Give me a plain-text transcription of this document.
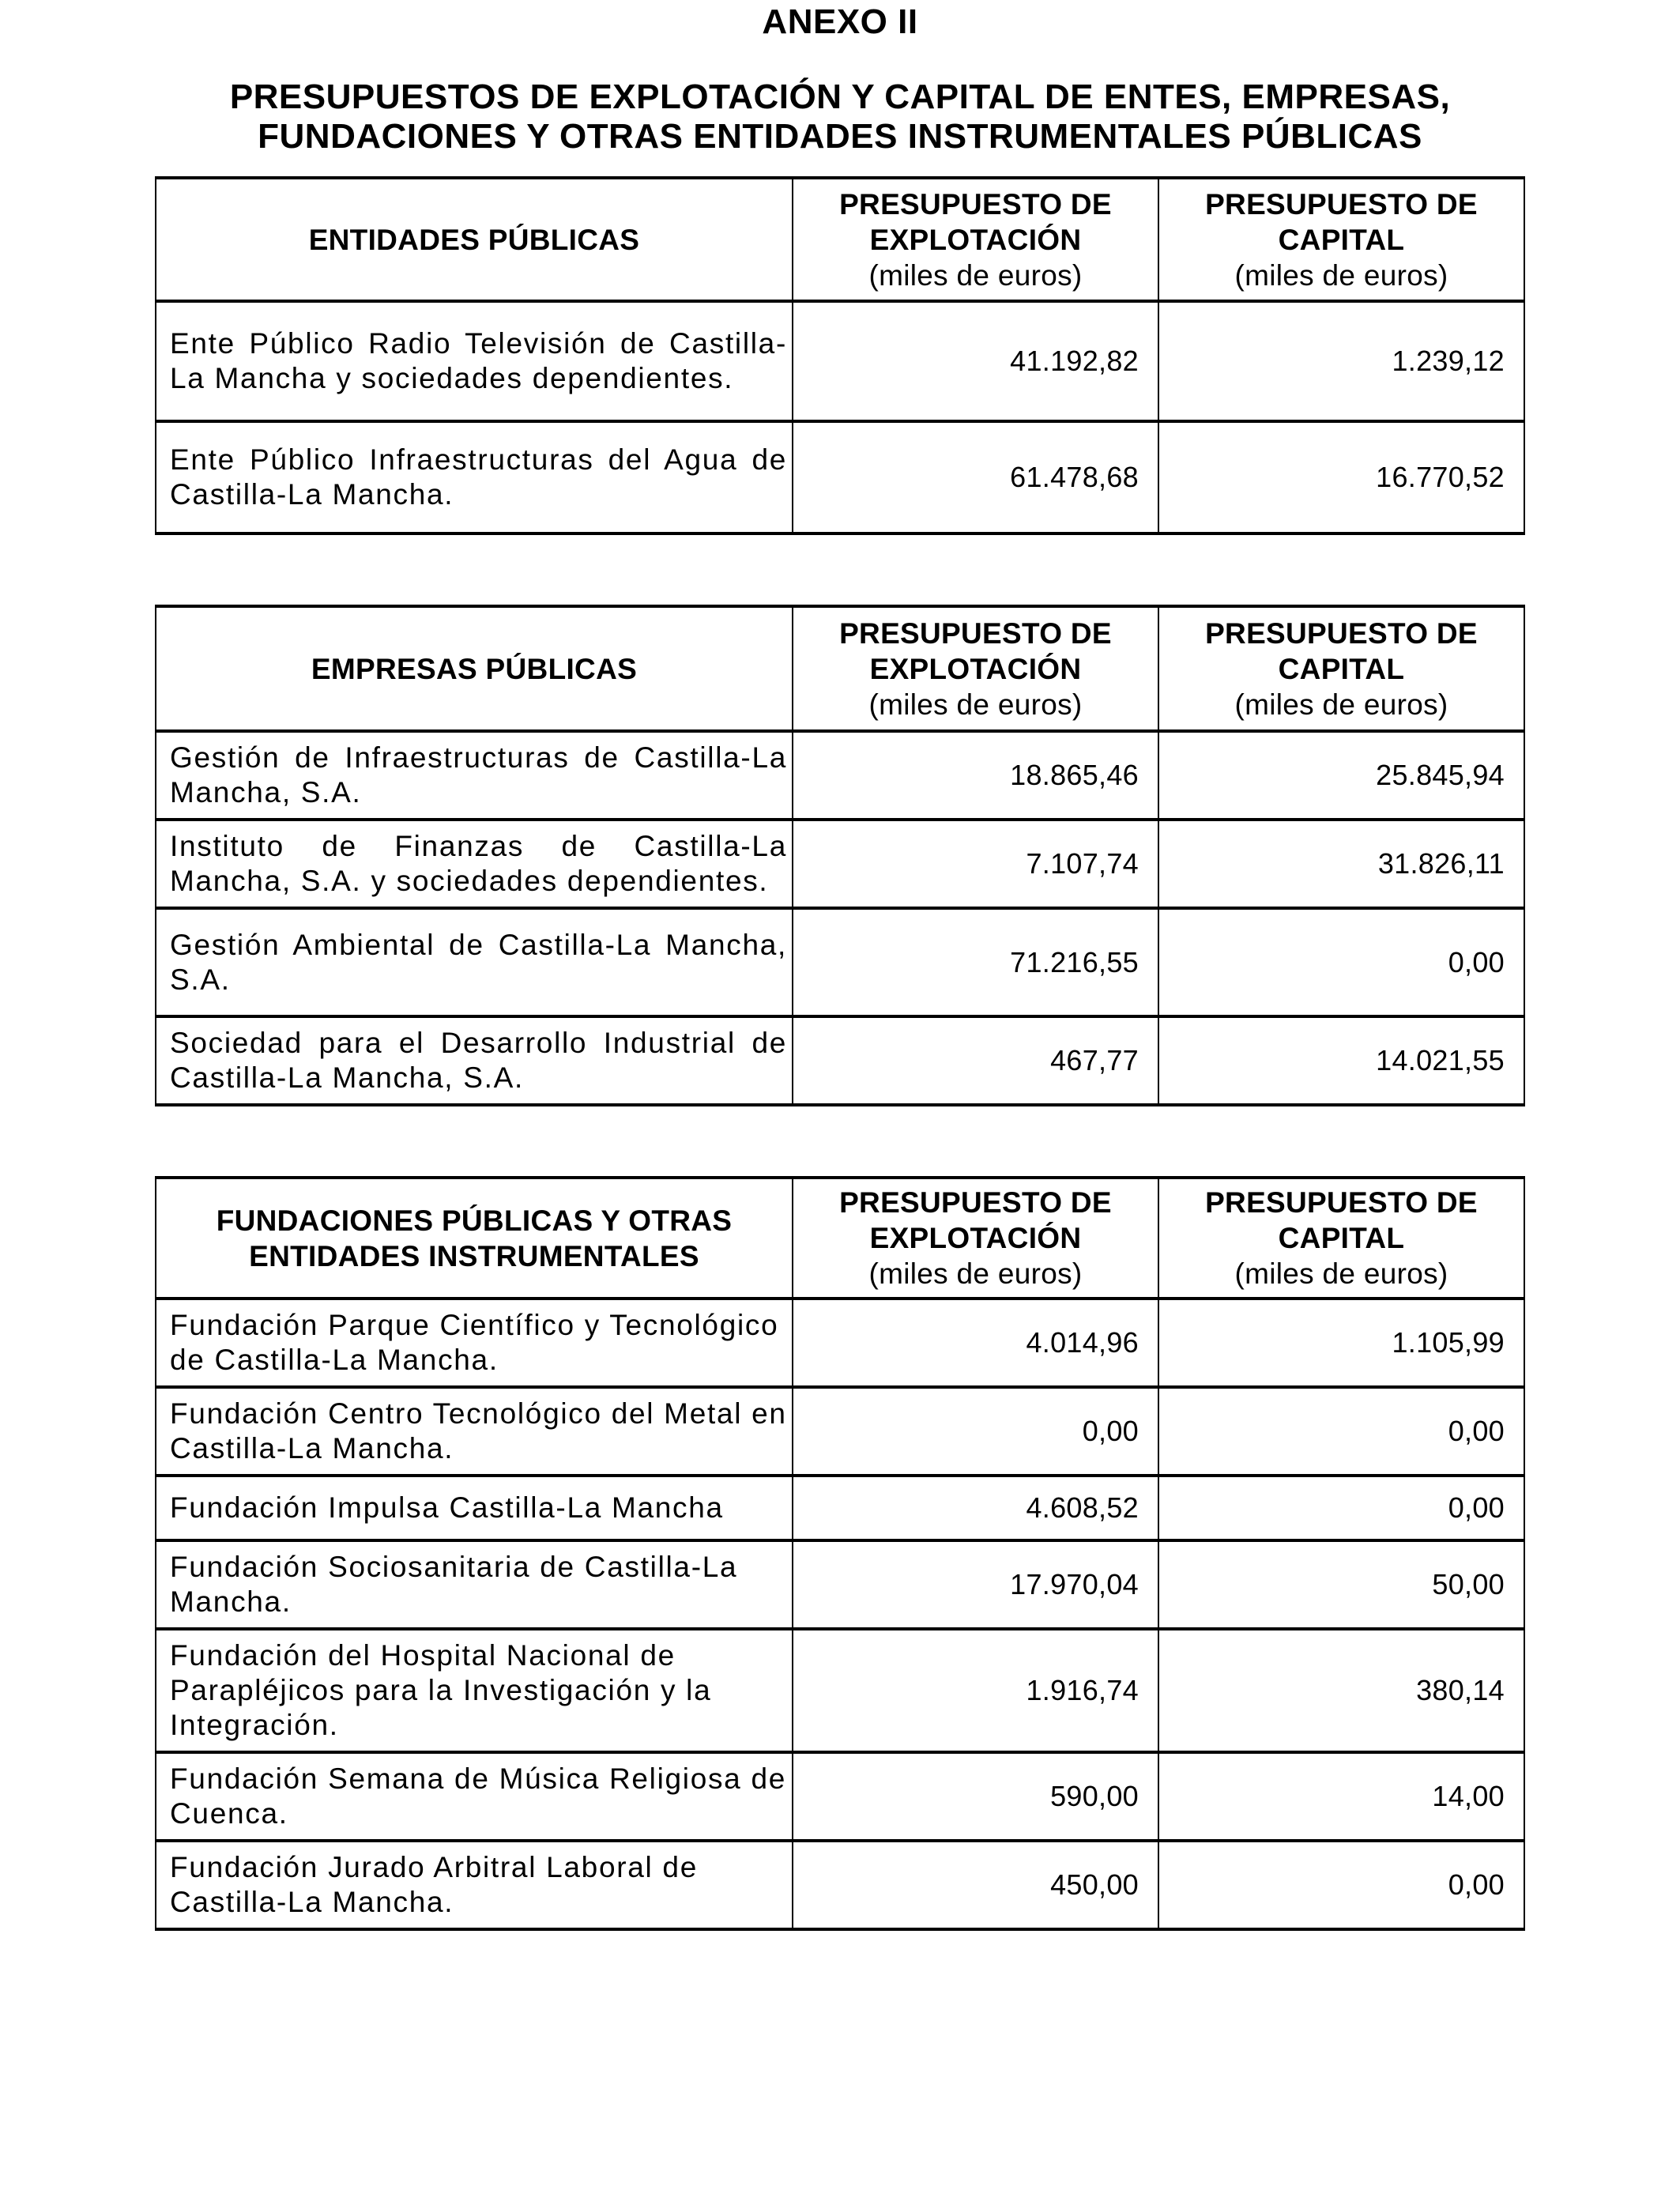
ANEXO II
PRESUPUESTOS DE EXPLOTACIÓN Y CAPITAL DE ENTES, EMPRESAS, FUNDACIONES Y OTRAS ENTIDADES INSTRUMENTALES PÚBLICAS
ENTIDADES PÚBLICAS

PRESUPUESTO DE
EXPLOTACIÓN
(miles de euros)

PRESUPUESTO DE
CAPITAL
(miles de euros)

Ente Público Radio Televisión de Castilla-La Mancha y sociedades dependientes.	41.192,82	1.239,12
Ente Público Infraestructuras del Agua de Castilla-La Mancha.	61.478,68	16.770,52
EMPRESAS PÚBLICAS

PRESUPUESTO DE
EXPLOTACIÓN
(miles de euros)

PRESUPUESTO DE
CAPITAL
(miles de euros)

Gestión de Infraestructuras de Castilla-La Mancha, S.A.	18.865,46	25.845,94
Instituto de Finanzas de Castilla-La Mancha, S.A. y sociedades dependientes.	7.107,74	31.826,11
Gestión Ambiental de Castilla-La Mancha, S.A.	71.216,55	0,00
Sociedad para el Desarrollo Industrial de Castilla-La Mancha, S.A.	467,77	14.021,55
FUNDACIONES PÚBLICAS Y OTRAS
ENTIDADES INSTRUMENTALES

PRESUPUESTO DE
EXPLOTACIÓN
(miles de euros)

PRESUPUESTO DE
CAPITAL
(miles de euros)

Fundación Parque Científico y Tecnológico de Castilla-La Mancha.	4.014,96	1.105,99
Fundación Centro Tecnológico del Metal en Castilla-La Mancha.	0,00	0,00
Fundación Impulsa Castilla-La Mancha	4.608,52	0,00
Fundación Sociosanitaria de Castilla-La Mancha.	17.970,04	50,00
Fundación del Hospital Nacional de Parapléjicos para la Investigación y la Integración.	1.916,74	380,14
Fundación Semana de Música Religiosa de Cuenca.	590,00	14,00
Fundación Jurado Arbitral Laboral de Castilla-La Mancha.	450,00	0,00
